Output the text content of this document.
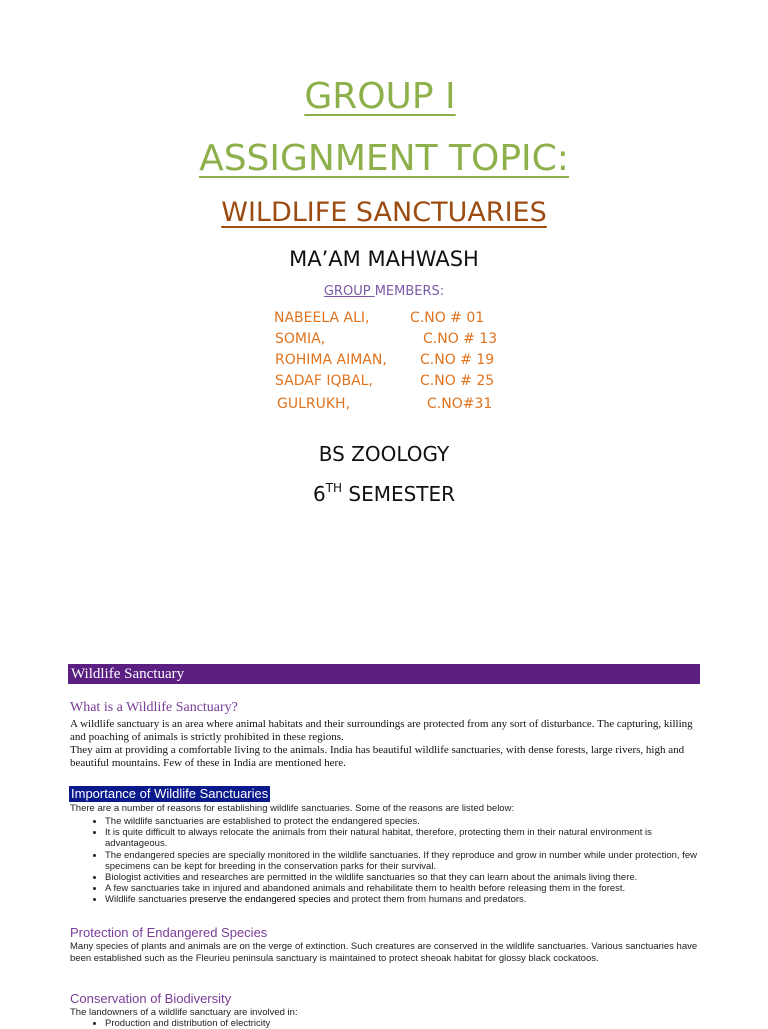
GROUP I
ASSIGNMENT TOPIC:
WILDLIFE SANCTUARIES
MA’AM MAHWASH
GROUP MEMBERS:
NABEELA ALI,	C.NO # 01
SOMIA,	C.NO # 13
ROHIMA AIMAN, C.NO # 19
SADAF IQBAL,	C.NO # 25
GULRUKH,	C.NO#31
BS ZOOLOGY
6TH SEMESTER
Wildlife Sanctuary
What is a Wildlife Sanctuary?
A wildlife sanctuary is an area where animal habitats and their surroundings are protected from any sort of disturbance. The capturing, killing and poaching of animals is strictly prohibited in these regions.
They aim at providing a comfortable living to the animals. India has beautiful wildlife sanctuaries, with dense forests, large rivers, high and beautiful mountains. Few of these in India are mentioned here.
Importance of Wildlife Sanctuaries
There are a number of reasons for establishing wildlife sanctuaries. Some of the reasons are listed below:
• The wildlife sanctuaries are established to protect the endangered species.
• It is quite difficult to always relocate the animals from their natural habitat, therefore, protecting them in their natural environment is advantageous.
• The endangered species are specially monitored in the wildlife sanctuaries. If they reproduce and grow in number while under protection, few specimens can be kept for breeding in the conservation parks for their survival.
• Biologist activities and researches are permitted in the wildlife sanctuaries so that they can learn about the animals living there.
• A few sanctuaries take in injured and abandoned animals and rehabilitate them to health before releasing them in the forest.
• Wildlife sanctuaries preserve the endangered species and protect them from humans and predators.
Protection of Endangered Species
Many species of plants and animals are on the verge of extinction. Such creatures are conserved in the wildlife sanctuaries. Various sanctuaries have been established such as the Fleurieu peninsula sanctuary is maintained to protect sheoak habitat for glossy black cockatoos.
Conservation of Biodiversity
The landowners of a wildlife sanctuary are involved in:
• Production and distribution of electricity
